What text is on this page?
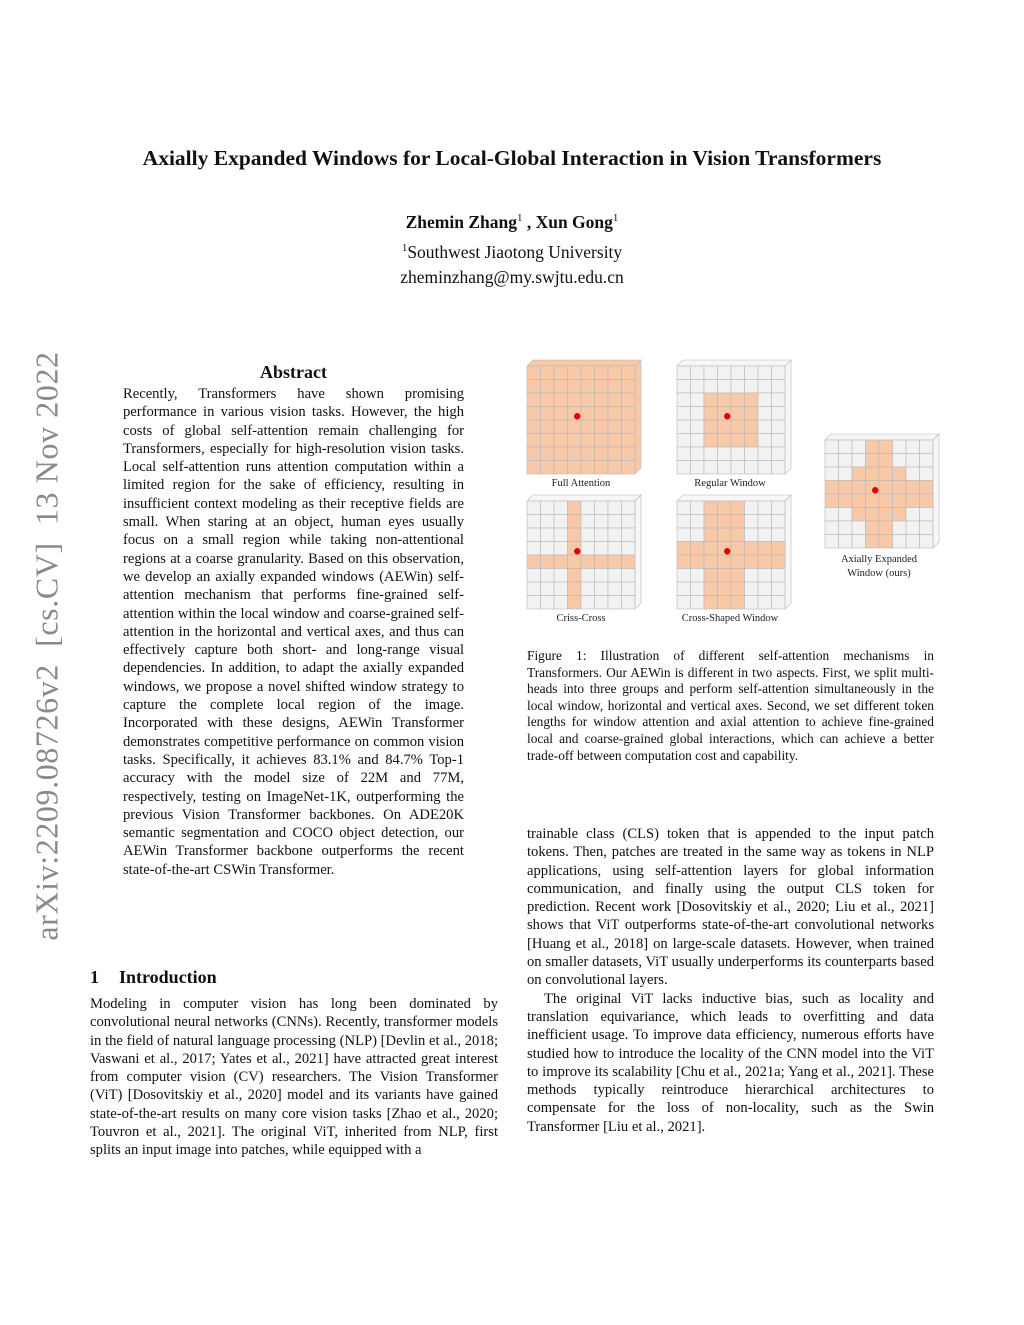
Axially Expanded Windows for Local-Global Interaction in Vision Transformers
Zhemin Zhang$^1$ , Xun Gong$^1$
$^1$Southwest Jiaotong University
zheminzhang@my.swjtu.edu.cn
arXiv:2209.08726v2  [cs.CV]  13 Nov 2022	Abstract
Recently, Transformers have shown promising performance in various vision tasks. However, the high costs of global self-attention remain challenging for Transformers, especially for high-resolution vision tasks. Local self-attention runs attention computation within a limited region for the sake of efficiency, resulting in insufficient context modeling as their receptive fields are small. When staring at an object, human eyes usually focus on a small region while taking non-attentional regions at a coarse granularity. Based on this observation, we develop an axially expanded windows (AEWin) self-attention mechanism that performs fine-grained self-attention within the local window and coarse-grained self-attention in the horizontal and vertical axes, and thus can effectively capture both short- and long-range visual dependencies. In addition, to adapt the axially expanded windows, we propose a novel shifted window strategy to capture the complete local region of the image. Incorporated with these designs, AEWin Transformer demonstrates competitive performance on common vision tasks. Specifically, it achieves 83.1% and 84.7% Top-1 accuracy with the model size of 22M and 77M, respectively, testing on ImageNet-1K, outperforming the previous Vision Transformer backbones. On ADE20K semantic segmentation and COCO object detection, our AEWin Transformer backbone outperforms the recent state-of-the-art CSWin Transformer.
1 Introduction
Modeling in computer vision has long been dominated by convolutional neural networks (CNNs). Recently, transformer models in the field of natural language processing (NLP) [Devlin et al., 2018; Vaswani et al., 2017; Yates et al., 2021] have attracted great interest from computer vision (CV) researchers. The Vision Transformer (ViT) [Dosovitskiy et al., 2020] model and its variants have gained state-of-the-art results on many core vision tasks [Zhao et al., 2020; Touvron et al., 2021]. The original ViT, inherited from NLP, first splits an input image into patches, while equipped with a
Full Attention	Regular Window
Criss-Cross	Cross-Shaped Window
Axially Expanded
Window (ours)
Figure 1: Illustration of different self-attention mechanisms in Transformers. Our AEWin is different in two aspects. First, we split multi-heads into three groups and perform self-attention simultaneously in the local window, horizontal and vertical axes. Second, we set different token lengths for window attention and axial attention to achieve fine-grained local and coarse-grained global interactions, which can achieve a better trade-off between computation cost and capability.

trainable class (CLS) token that is appended to the input patch tokens. Then, patches are treated in the same way as tokens in NLP applications, using self-attention layers for global information communication, and finally using the output CLS token for prediction. Recent work [Dosovitskiy et al., 2020; Liu et al., 2021] shows that ViT outperforms state-of-the-art convolutional networks [Huang et al., 2018] on large-scale datasets. However, when trained on smaller datasets, ViT usually underperforms its counterparts based on convolutional layers.

The original ViT lacks inductive bias, such as locality and translation equivariance, which leads to overfitting and data inefficient usage. To improve data efficiency, numerous efforts have studied how to introduce the locality of the CNN model into the ViT to improve its scalability [Chu et al., 2021a; Yang et al., 2021]. These methods typically reintroduce hierarchical architectures to compensate for the loss of non-locality, such as the Swin Transformer [Liu et al., 2021].
